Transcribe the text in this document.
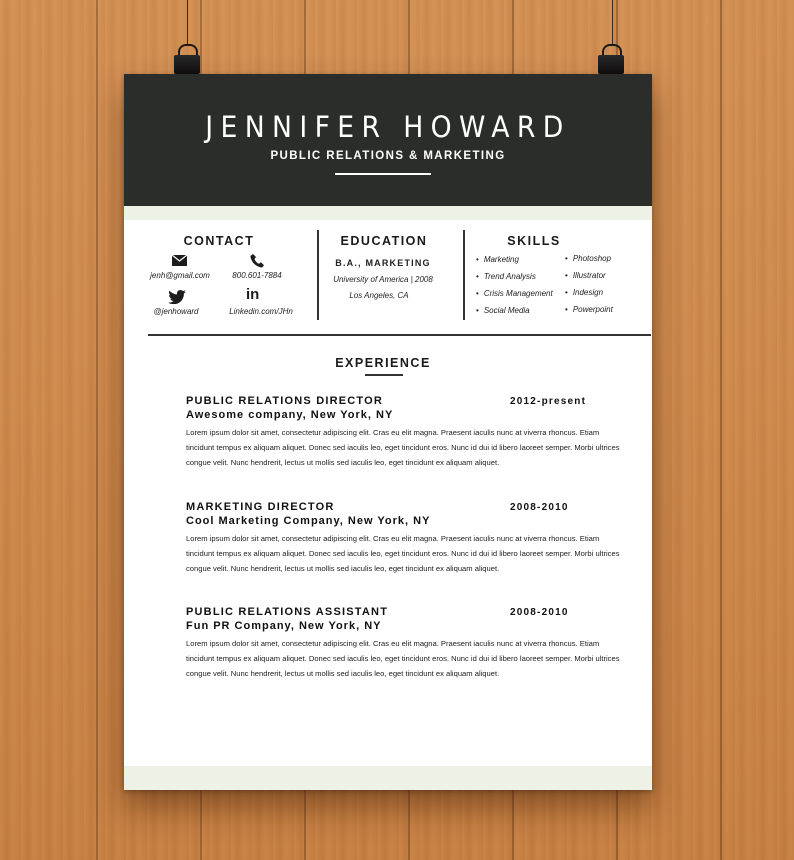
JENNIFER HOWARD
PUBLIC RELATIONS & MARKETING
CONTACT
jenh@gmail.com	800.601-7884
@jenhoward
in
Linkedin.com/JHn
EDUCATION
B.A., MARKETING
University of America | 2008
Los Angeles, CA
SKILLS
• Marketing
• Trend Analysis
• Crisis Management
• Social Media
• Photoshop
• Illustrator
• Indesign
• Powerpoint
EXPERIENCE
PUBLIC RELATIONS DIRECTOR	2012-present
Awesome company, New York, NY
Lorem ipsum dolor sit amet, consectetur adipiscing elit. Cras eu elit magna. Praesent iaculis nunc at viverra rhoncus. Etiam tincidunt tempus ex aliquam aliquet. Donec sed iaculis leo, eget tincidunt eros. Nunc id dui id libero laoreet semper. Morbi ultrices congue velit. Nunc hendrerit, lectus ut mollis sed iaculis leo, eget tincidunt ex aliquam aliquet.
MARKETING DIRECTOR	2008-2010
Cool Marketing Company, New York, NY
Lorem ipsum dolor sit amet, consectetur adipiscing elit. Cras eu elit magna. Praesent iaculis nunc at viverra rhoncus. Etiam tincidunt tempus ex aliquam aliquet. Donec sed iaculis leo, eget tincidunt eros. Nunc id dui id libero laoreet semper. Morbi ultrices congue velit. Nunc hendrerit, lectus ut mollis sed iaculis leo, eget tincidunt ex aliquam aliquet.
PUBLIC RELATIONS ASSISTANT	2008-2010
Fun PR Company, New York, NY
Lorem ipsum dolor sit amet, consectetur adipiscing elit. Cras eu elit magna. Praesent iaculis nunc at viverra rhoncus. Etiam tincidunt tempus ex aliquam aliquet. Donec sed iaculis leo, eget tincidunt eros. Nunc id dui id libero laoreet semper. Morbi ultrices congue velit. Nunc hendrerit, lectus ut mollis sed iaculis leo, eget tincidunt ex aliquam aliquet.
